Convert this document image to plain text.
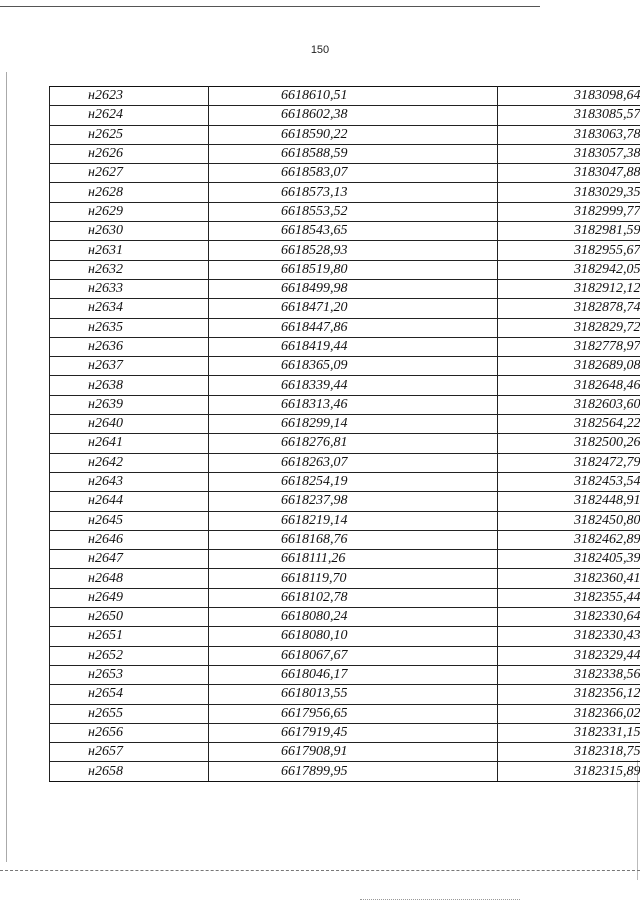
150
н2623	6618610,51	3183098,64
н2624	6618602,38	3183085,57
н2625	6618590,22	3183063,78
н2626	6618588,59	3183057,38
н2627	6618583,07	3183047,88
н2628	6618573,13	3183029,35
н2629	6618553,52	3182999,77
н2630	6618543,65	3182981,59
н2631	6618528,93	3182955,67
н2632	6618519,80	3182942,05
н2633	6618499,98	3182912,12
н2634	6618471,20	3182878,74
н2635	6618447,86	3182829,72
н2636	6618419,44	3182778,97
н2637	6618365,09	3182689,08
н2638	6618339,44	3182648,46
н2639	6618313,46	3182603,60
н2640	6618299,14	3182564,22
н2641	6618276,81	3182500,26
н2642	6618263,07	3182472,79
н2643	6618254,19	3182453,54
н2644	6618237,98	3182448,91
н2645	6618219,14	3182450,80
н2646	6618168,76	3182462,89
н2647	6618111,26	3182405,39
н2648	6618119,70	3182360,41
н2649	6618102,78	3182355,44
н2650	6618080,24	3182330,64
н2651	6618080,10	3182330,43
н2652	6618067,67	3182329,44
н2653	6618046,17	3182338,56
н2654	6618013,55	3182356,12
н2655	6617956,65	3182366,02
н2656	6617919,45	3182331,15
н2657	6617908,91	3182318,75
н2658	6617899,95	3182315,89
